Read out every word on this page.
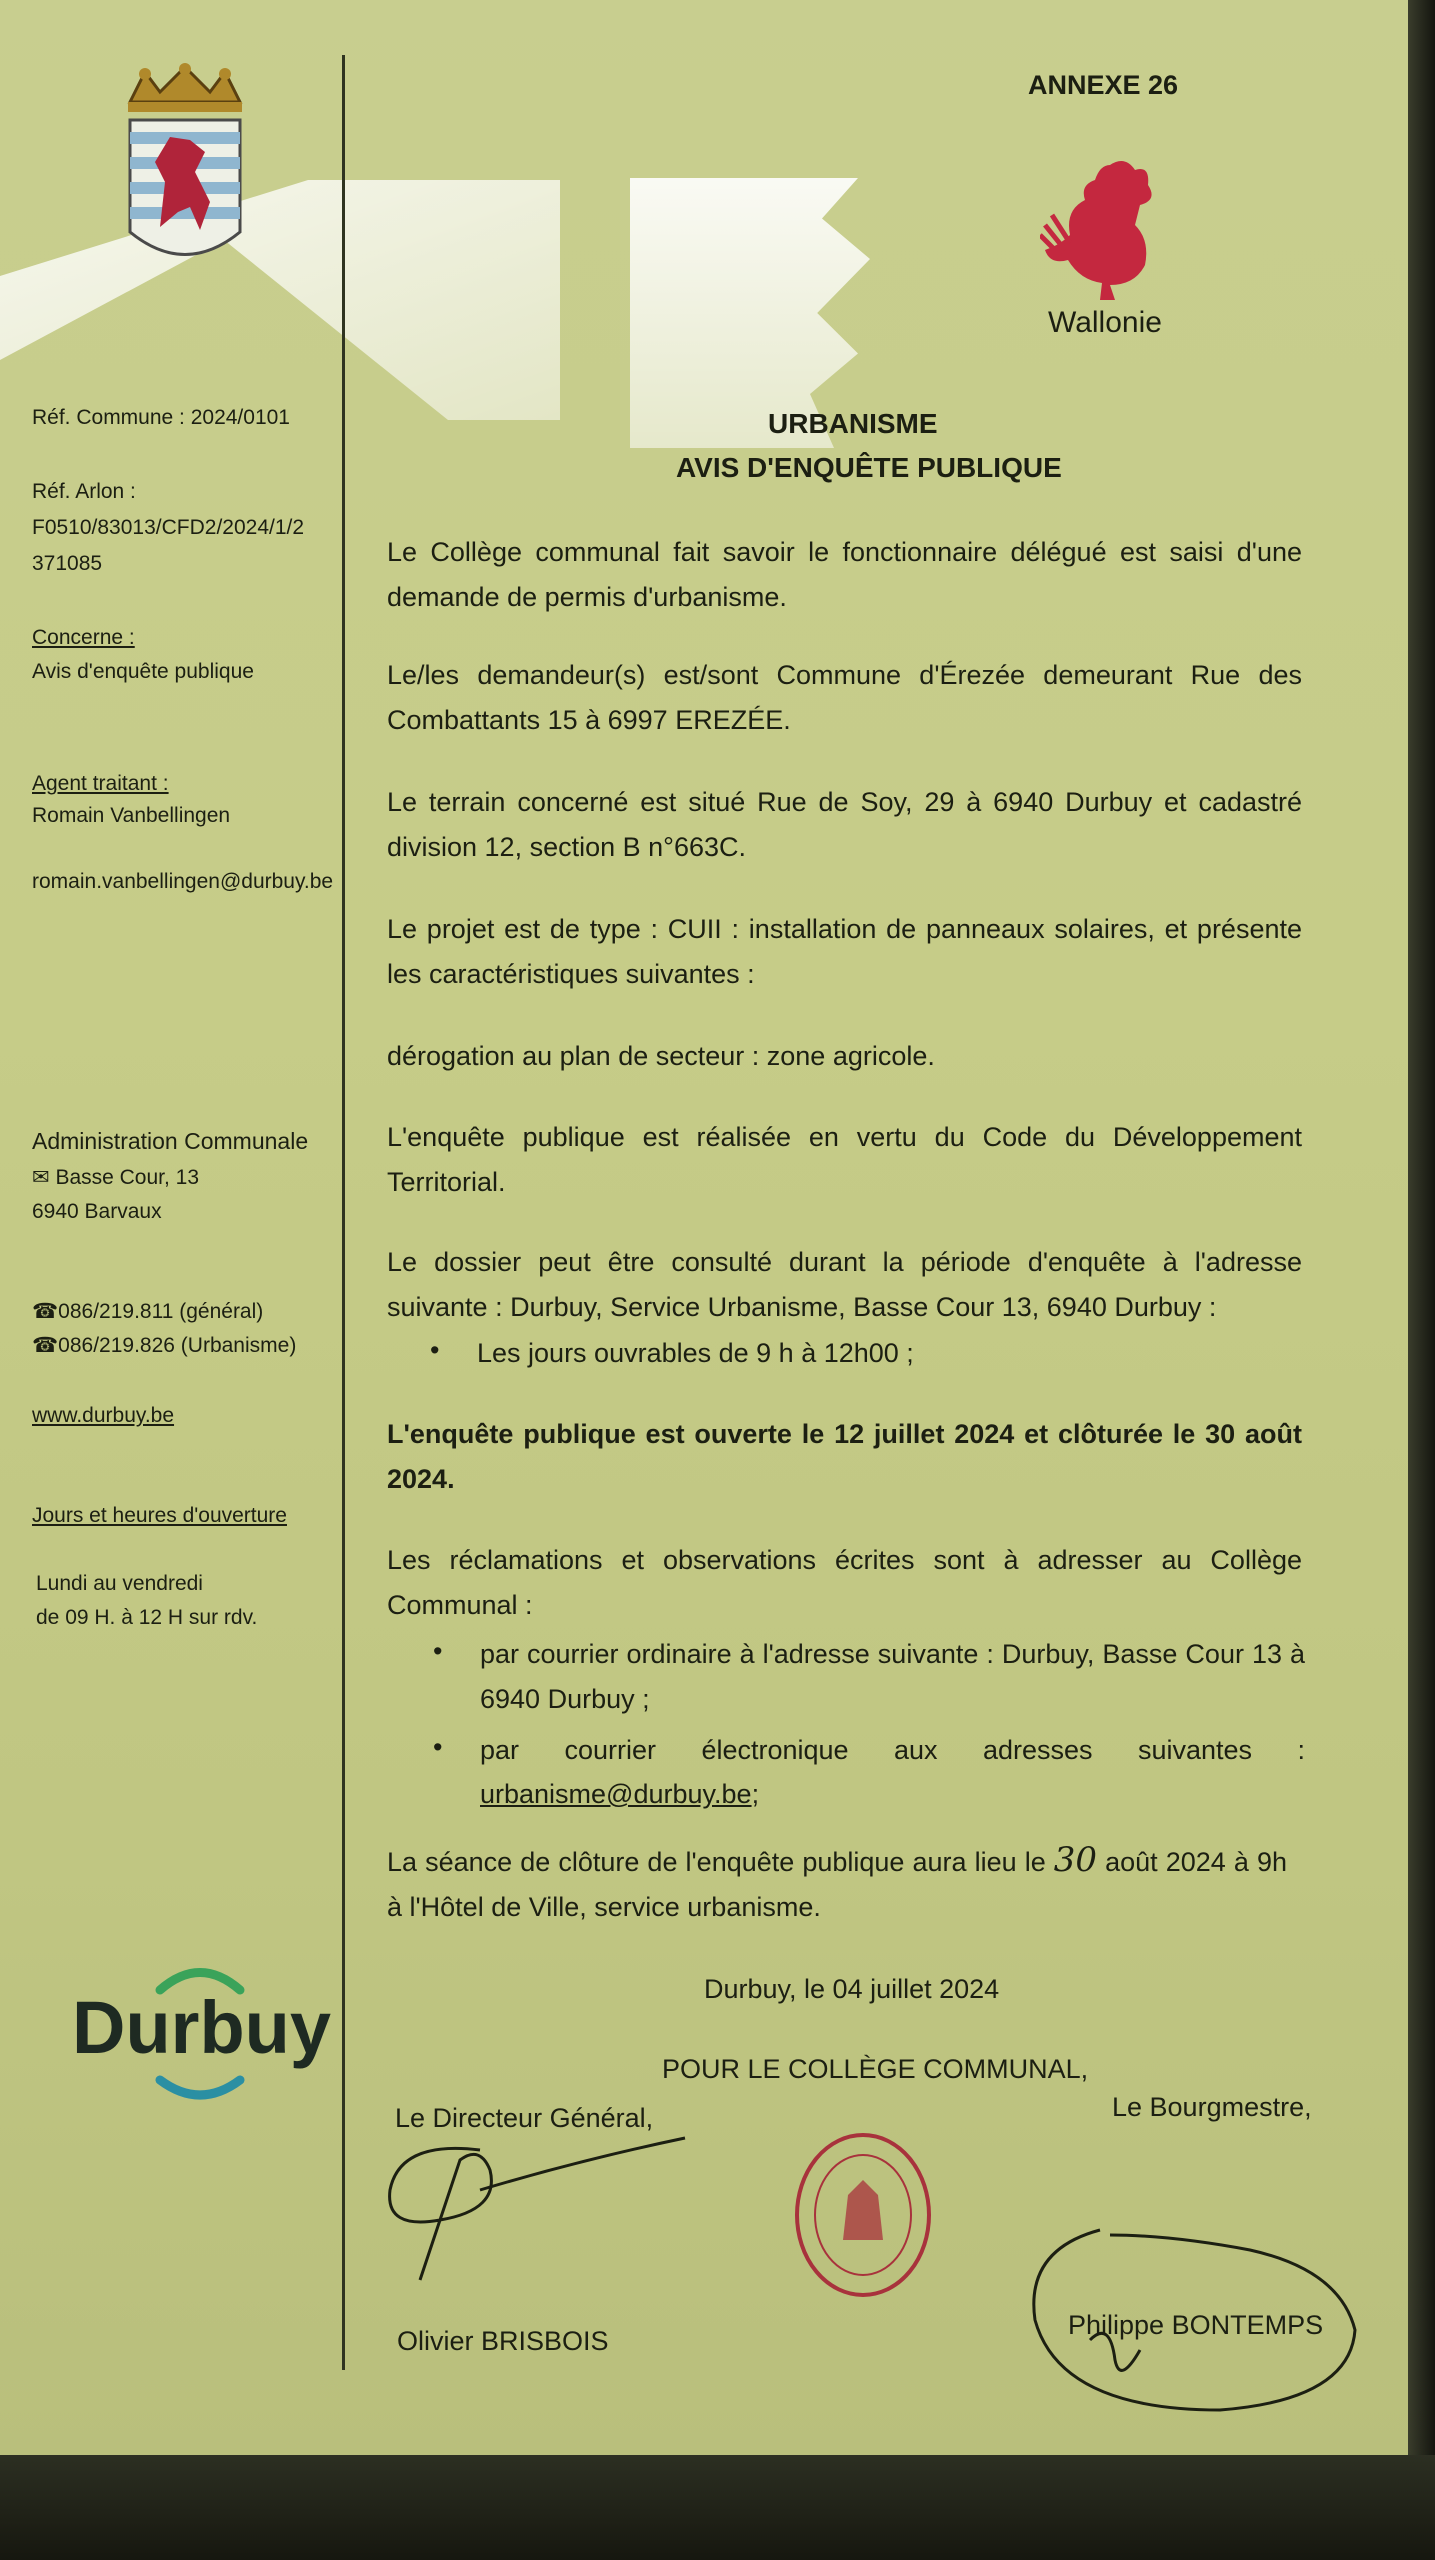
ANNEXE 26
Wallonie
Réf. Commune : 2024/0101
Réf. Arlon :
F0510/83013/CFD2/2024/1/2
371085
Concerne :
Avis d'enquête publique
Agent traitant :
Romain Vanbellingen
romain.vanbellingen@durbuy.be
Administration Communale
✉ Basse Cour, 13
6940 Barvaux
☎086/219.811 (général)
☎086/219.826 (Urbanisme)
www.durbuy.be
Jours et heures d'ouverture
Lundi au vendredi
de 09 H. à 12 H sur rdv.
Durbuy
URBANISME
AVIS D'ENQUÊTE PUBLIQUE
Le Collège communal fait savoir le fonctionnaire délégué est saisi d'une demande de permis d'urbanisme.
Le/les demandeur(s) est/sont Commune d'Érezée demeurant Rue des Combattants 15 à 6997 EREZÉE.
Le terrain concerné est situé Rue de Soy, 29 à 6940 Durbuy et cadastré division 12, section B n°663C.
Le projet est de type : CUII : installation de panneaux solaires, et présente les caractéristiques suivantes :
dérogation au plan de secteur : zone agricole.
L'enquête publique est réalisée en vertu du Code du Développement Territorial.
Le dossier peut être consulté durant la période d'enquête à l'adresse suivante : Durbuy, Service Urbanisme, Basse Cour 13, 6940 Durbuy :
• Les jours ouvrables de 9 h à 12h00 ;
L'enquête publique est ouverte le 12 juillet 2024 et clôturée le 30 août 2024.
Les réclamations et observations écrites sont à adresser au Collège Communal :
• par courrier ordinaire à l'adresse suivante : Durbuy, Basse Cour 13 à 6940 Durbuy ;
• par courrier électronique aux adresses suivantes :
urbanisme@durbuy.be;
La séance de clôture de l'enquête publique aura lieu le 30 août 2024 à 9h à l'Hôtel de Ville, service urbanisme.
Durbuy, le 04 juillet 2024
POUR LE COLLÈGE COMMUNAL,
Le Directeur Général,	Le Bourgmestre,
Olivier BRISBOIS
Philippe BONTEMPS
